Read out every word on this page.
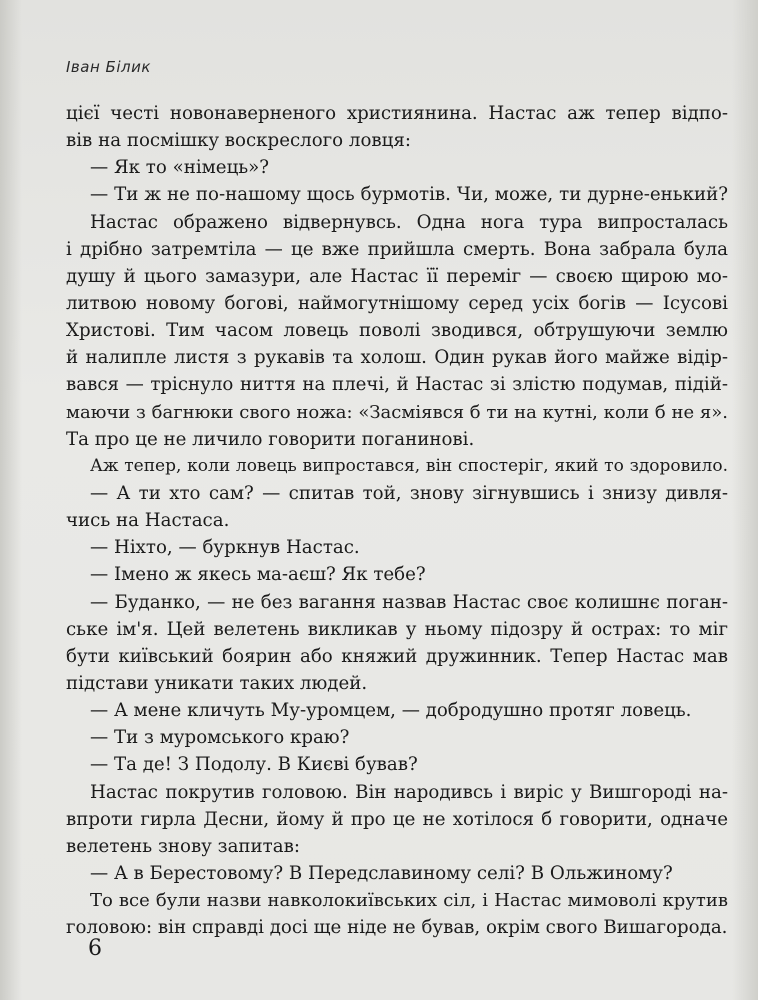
Іван Білик
цієї честі новонаверненого християнина. Настас аж тепер відпо-
вів на посмішку воскреслого ловця:
— Як то «німець»?
— Ти ж не по-нашому щось бурмотів. Чи, може, ти дурне-енький?
Настас ображено відвернувсь. Одна нога тура випросталась
і дрібно затремтіла — це вже прийшла смерть. Вона забрала була
душу й цього замазури, але Настас її переміг — своєю щирою мо-
литвою новому богові, наймогутнішому серед усіх богів — Ісусові
Христові. Тим часом ловець поволі зводився, обтрушуючи землю
й налипле листя з рукавів та холош. Один рукав його майже відір-
вався — тріснуло ниття на плечі, й Настас зі злістю подумав, підій-
маючи з багнюки свого ножа: «Засміявся б ти на кутні, коли б не я».
Та про це не личило говорити поганинові.
Аж тепер, коли ловець випростався, він спостеріг, який то здоровило.
— А ти хто сам? — спитав той, знову зігнувшись і знизу дивля-
чись на Настаса.
— Ніхто, — буркнув Настас.
— Імено ж якесь ма-аєш? Як тебе?
— Буданко, — не без вагання назвав Настас своє колишнє поган-
ське ім'я. Цей велетень викликав у ньому підозру й острах: то міг
бути київський боярин або княжий дружинник. Тепер Настас мав
підстави уникати таких людей.
— А мене кличуть Му-уромцем, — добродушно протяг ловець.
— Ти з муромського краю?
— Та де! З Подолу. В Києві бував?
Настас покрутив головою. Він народивсь і виріс у Вишгороді на-
впроти гирла Десни, йому й про це не хотілося б говорити, одначе
велетень знову запитав:
— А в Берестовому? В Передславиному селі? В Ольжиному?
То все були назви навколокиївських сіл, і Настас мимоволі крутив
головою: він справді досі ще ніде не бував, окрім свого Вишагорода.
6
